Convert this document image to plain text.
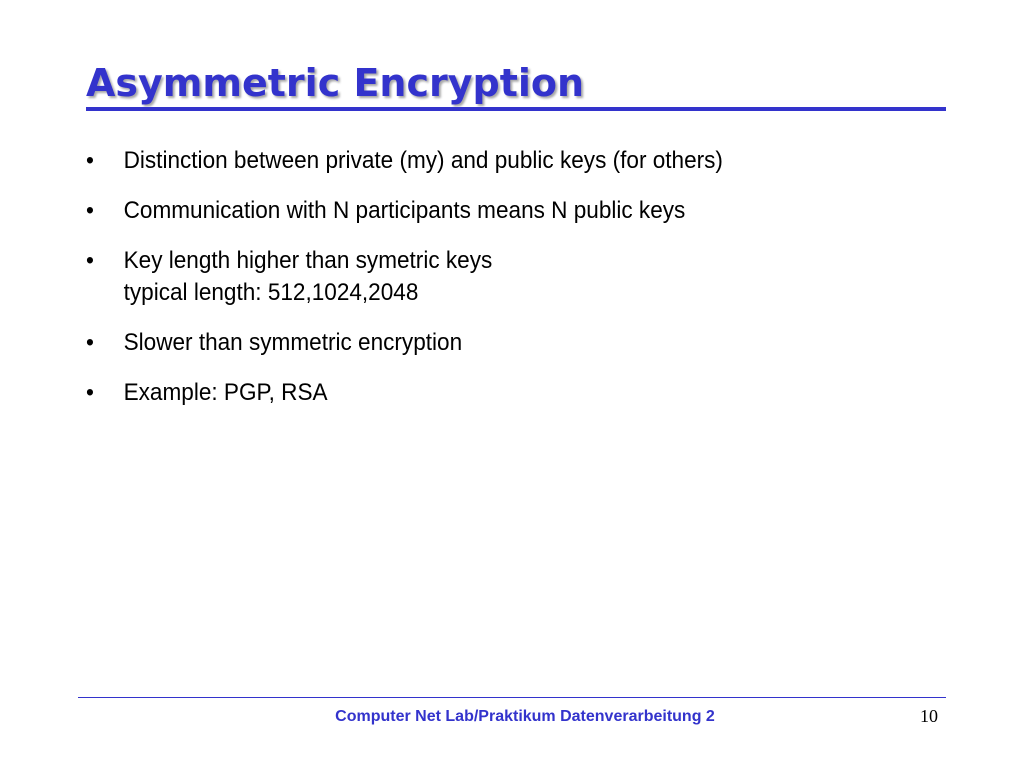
Asymmetric Encryption
•	Distinction between private (my) and public keys (for others)
•	Communication with N participants means N public keys
•	Key length higher than symetric keys
typical length: 512,1024,2048
•	Slower than symmetric encryption
•	Example: PGP, RSA
Computer Net Lab/Praktikum Datenverarbeitung 2	10
